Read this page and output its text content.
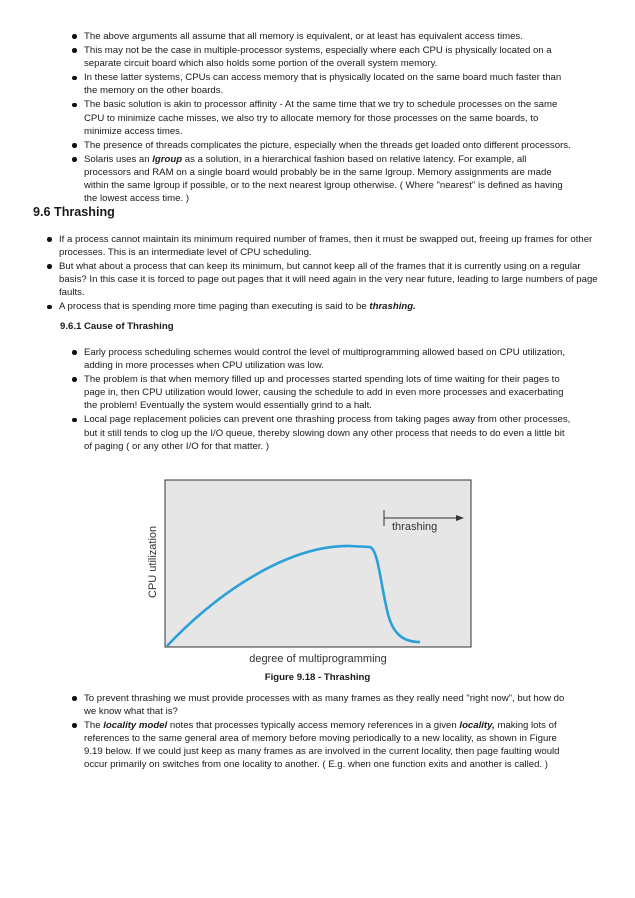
The above arguments all assume that all memory is equivalent, or at least has equivalent access times.
This may not be the case in multiple-processor systems, especially where each CPU is physically located on a separate circuit board which also holds some portion of the overall system memory.
In these latter systems, CPUs can access memory that is physically located on the same board much faster than the memory on the other boards.
The basic solution is akin to processor affinity - At the same time that we try to schedule processes on the same CPU to minimize cache misses, we also try to allocate memory for those processes on the same boards, to minimize access times.
The presence of threads complicates the picture, especially when the threads get loaded onto different processors.
Solaris uses an lgroup as a solution, in a hierarchical fashion based on relative latency. For example, all processors and RAM on a single board would probably be in the same lgroup. Memory assignments are made within the same lgroup if possible, or to the next nearest lgroup otherwise. ( Where "nearest" is defined as having the lowest access time. )
9.6 Thrashing
If a process cannot maintain its minimum required number of frames, then it must be swapped out, freeing up frames for other processes. This is an intermediate level of CPU scheduling.
But what about a process that can keep its minimum, but cannot keep all of the frames that it is currently using on a regular basis? In this case it is forced to page out pages that it will need again in the very near future, leading to large numbers of page faults.
A process that is spending more time paging than executing is said to be thrashing.
9.6.1 Cause of Thrashing
Early process scheduling schemes would control the level of multiprogramming allowed based on CPU utilization, adding in more processes when CPU utilization was low.
The problem is that when memory filled up and processes started spending lots of time waiting for their pages to page in, then CPU utilization would lower, causing the schedule to add in even more processes and exacerbating the problem! Eventually the system would essentially grind to a halt.
Local page replacement policies can prevent one thrashing process from taking pages away from other processes, but it still tends to clog up the I/O queue, thereby slowing down any other process that needs to do even a little bit of paging ( or any other I/O for that matter. )
thrashing
CPU utilization
degree of multiprogramming
Figure 9.18 - Thrashing
To prevent thrashing we must provide processes with as many frames as they really need "right now", but how do we know what that is?
The locality model notes that processes typically access memory references in a given locality, making lots of references to the same general area of memory before moving periodically to a new locality, as shown in Figure 9.19 below. If we could just keep as many frames as are involved in the current locality, then page faulting would occur primarily on switches from one locality to another. ( E.g. when one function exits and another is called. )
